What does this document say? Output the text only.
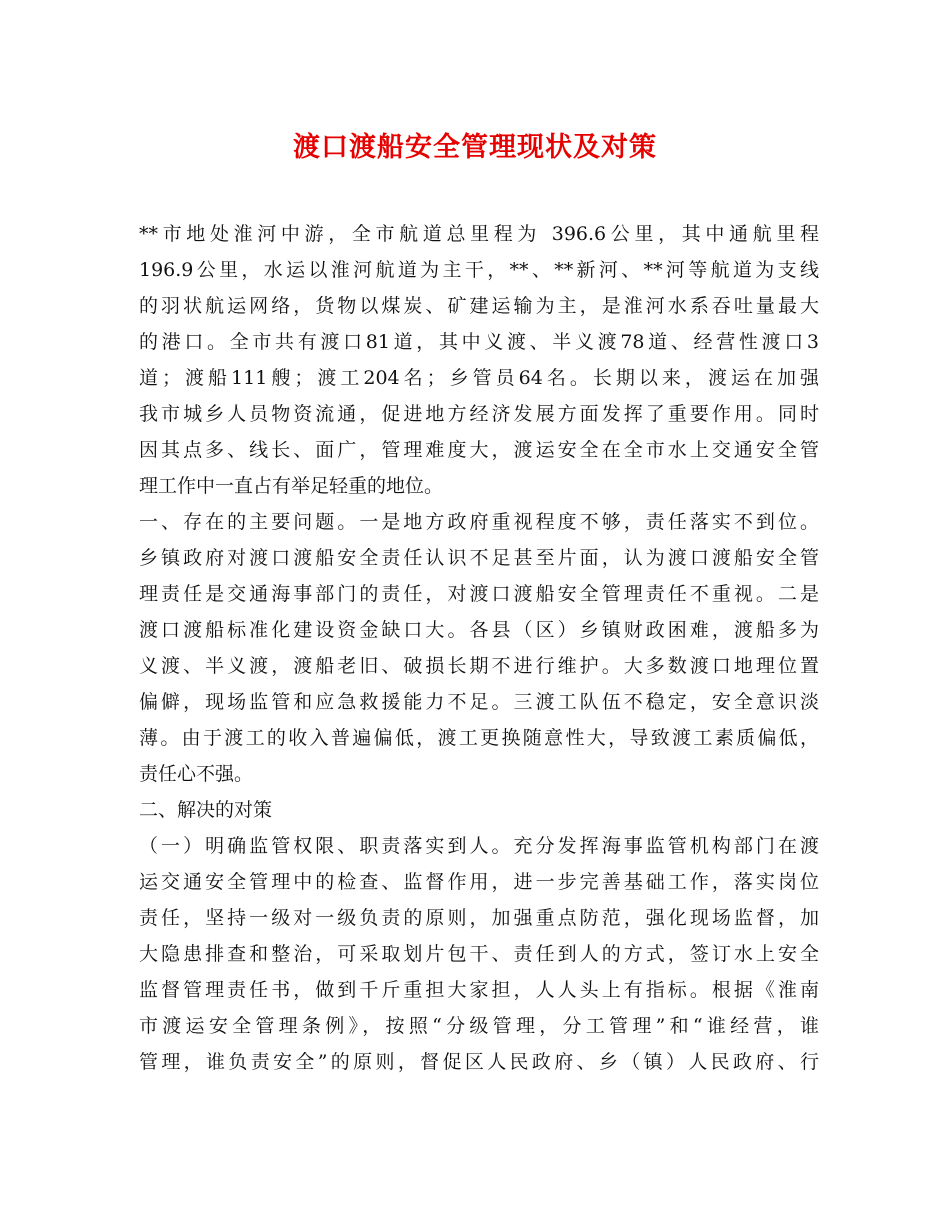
渡口渡船安全管理现状及对策
**市地处淮河中游，全市航道总里程为 396.6公里，其中通航里程
196.9公里，水运以淮河航道为主干，**、**新河、**河等航道为支线
的羽状航运网络，货物以煤炭、矿建运输为主，是淮河水系吞吐量最大
的港口。全市共有渡口81道，其中义渡、半义渡78道、经营性渡口3
道；渡船111艘；渡工204名；乡管员64名。长期以来，渡运在加强
我市城乡人员物资流通，促进地方经济发展方面发挥了重要作用。同时
因其点多、线长、面广，管理难度大，渡运安全在全市水上交通安全管
理工作中一直占有举足轻重的地位。
一、存在的主要问题。一是地方政府重视程度不够，责任落实不到位。
乡镇政府对渡口渡船安全责任认识不足甚至片面，认为渡口渡船安全管
理责任是交通海事部门的责任，对渡口渡船安全管理责任不重视。二是
渡口渡船标准化建设资金缺口大。各县（区）乡镇财政困难，渡船多为
义渡、半义渡，渡船老旧、破损长期不进行维护。大多数渡口地理位置
偏僻，现场监管和应急救援能力不足。三渡工队伍不稳定，安全意识淡
薄。由于渡工的收入普遍偏低，渡工更换随意性大，导致渡工素质偏低，
责任心不强。
二、解决的对策
（一）明确监管权限、职责落实到人。充分发挥海事监管机构部门在渡
运交通安全管理中的检查、监督作用，进一步完善基础工作，落实岗位
责任，坚持一级对一级负责的原则，加强重点防范，强化现场监督，加
大隐患排查和整治，可采取划片包干、责任到人的方式，签订水上安全
监督管理责任书，做到千斤重担大家担，人人头上有指标。根据《淮南
市渡运安全管理条例》，按照“分级管理，分工管理”和“谁经营，谁
管理，谁负责安全”的原则，督促区人民政府、乡（镇）人民政府、行
